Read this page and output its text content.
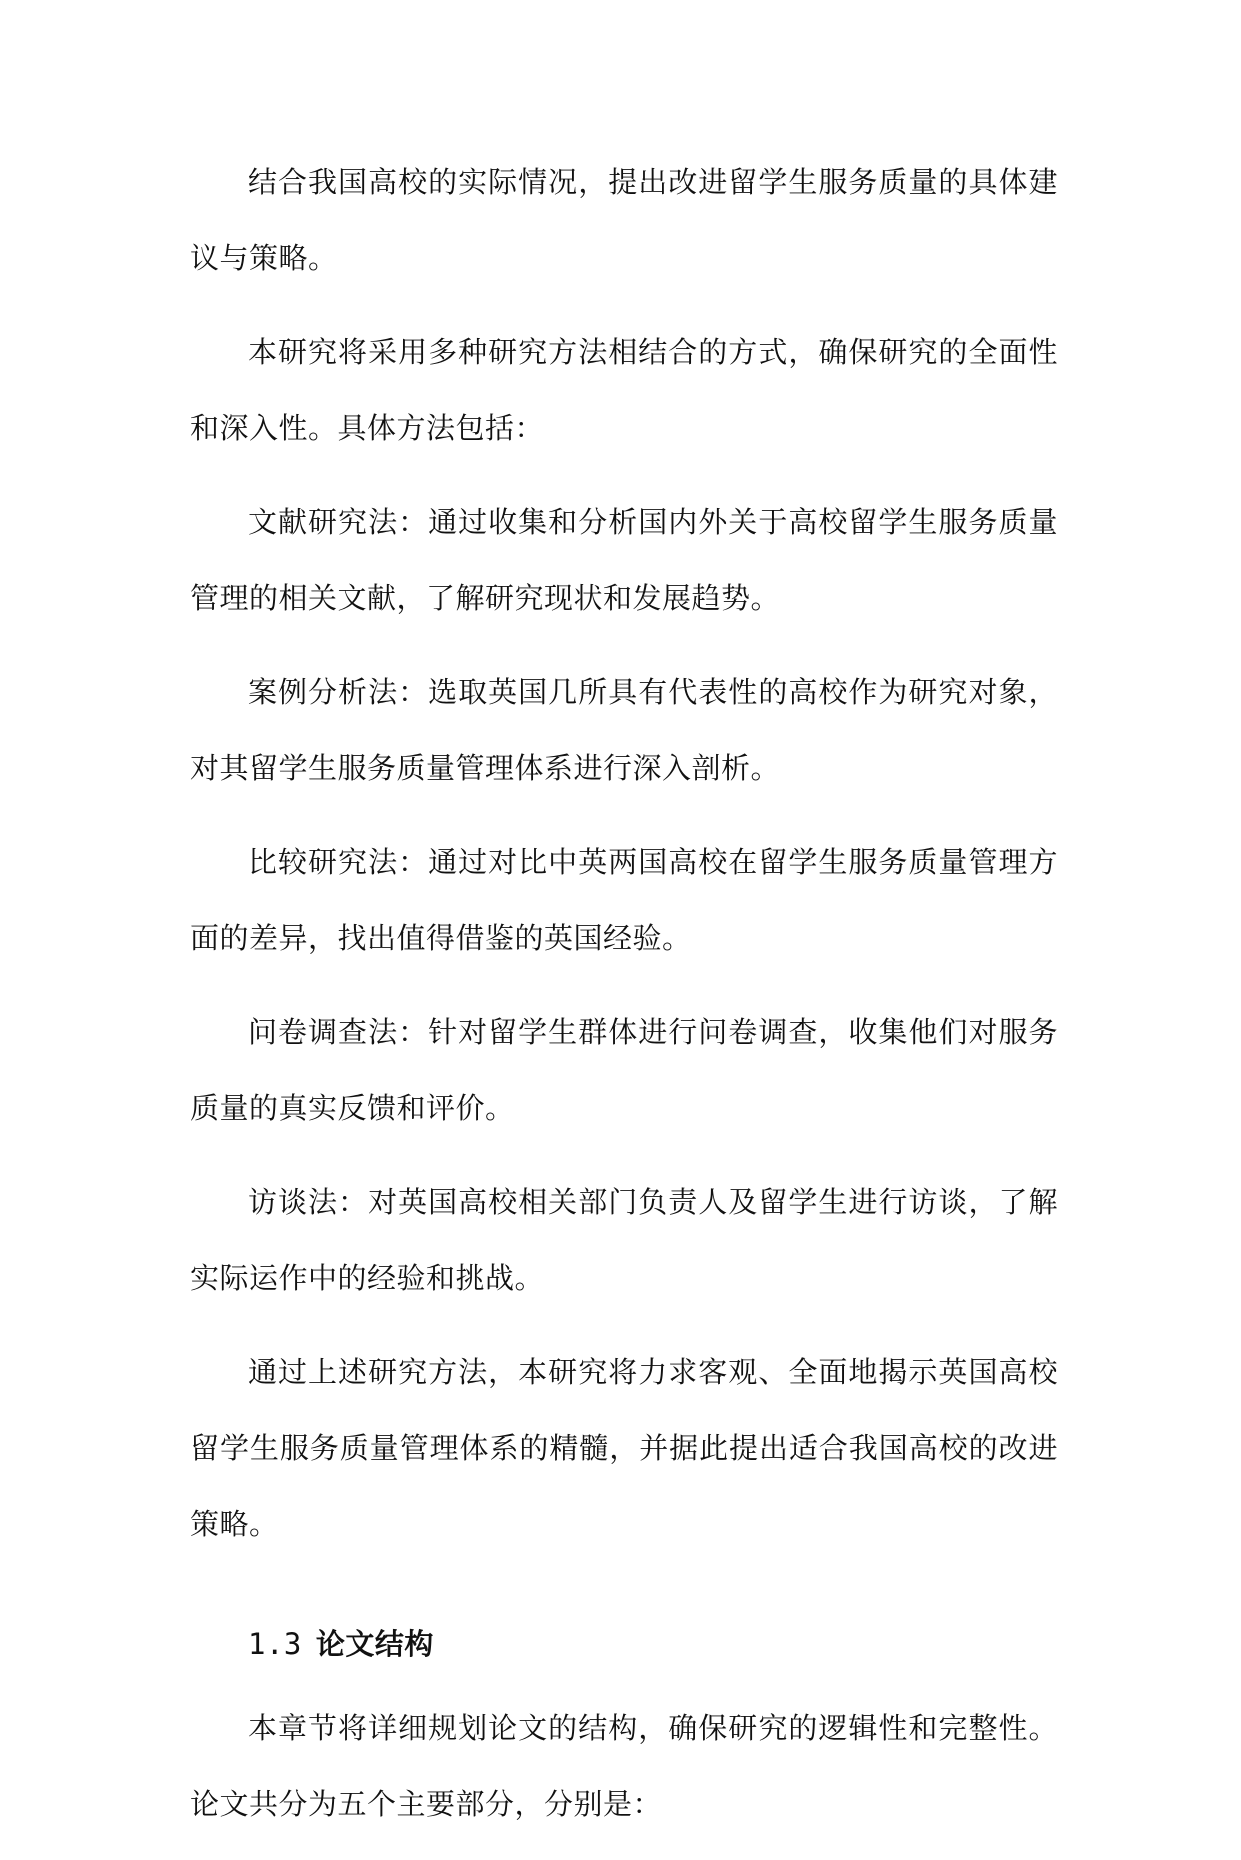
结合我国高校的实际情况，提出改进留学生服务质量的具体建议与策略。

本研究将采用多种研究方法相结合的方式，确保研究的全面性和深入性。具体方法包括：

文献研究法：通过收集和分析国内外关于高校留学生服务质量管理的相关文献，了解研究现状和发展趋势。

案例分析法：选取英国几所具有代表性的高校作为研究对象，对其留学生服务质量管理体系进行深入剖析。

比较研究法：通过对比中英两国高校在留学生服务质量管理方面的差异，找出值得借鉴的英国经验。

问卷调查法：针对留学生群体进行问卷调查，收集他们对服务质量的真实反馈和评价。

访谈法：对英国高校相关部门负责人及留学生进行访谈，了解实际运作中的经验和挑战。

通过上述研究方法，本研究将力求客观、全面地揭示英国高校留学生服务质量管理体系的精髓，并据此提出适合我国高校的改进策略。

1.3 论文结构

本章节将详细规划论文的结构，确保研究的逻辑性和完整性。论文共分为五个主要部分，分别是：
